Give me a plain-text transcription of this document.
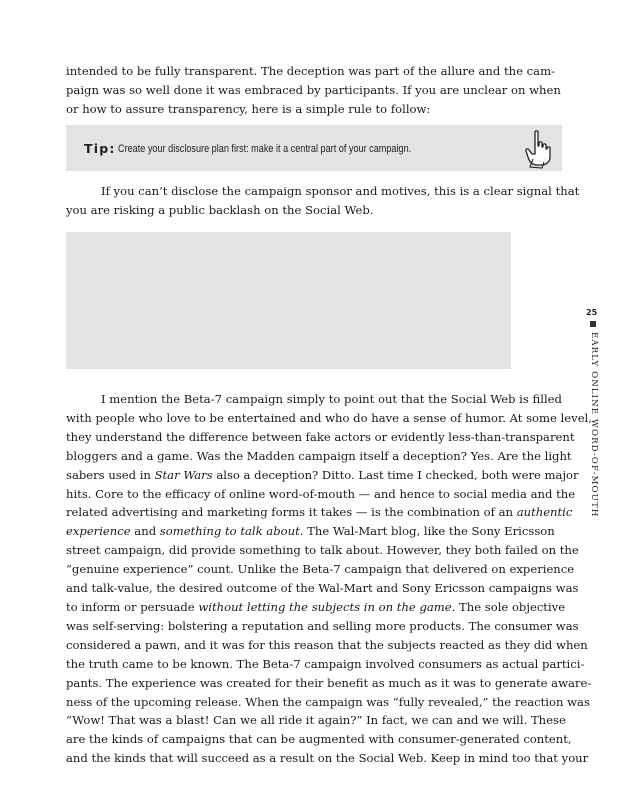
intended to be fully transparent. The deception was part of the allure and the cam-
paign was so well done it was embraced by participants. If you are unclear on when
or how to assure transparency, here is a simple rule to follow:
Tip: Create your disclosure plan first: make it a central part of your campaign.
If you can’t disclose the campaign sponsor and motives, this is a clear signal that
you are risking a public backlash on the Social Web.
25
EARLY ONLINE WORD-OF-MOUTH
I mention the Beta-7 campaign simply to point out that the Social Web is filled
with people who love to be entertained and who do have a sense of humor. At some level,
they understand the difference between fake actors or evidently less-than-transparent
bloggers and a game. Was the Madden campaign itself a deception? Yes. Are the light
sabers used in Star Wars also a deception? Ditto. Last time I checked, both were major
hits. Core to the efficacy of online word-of-mouth — and hence to social media and the
related advertising and marketing forms it takes — is the combination of an authentic
experience and something to talk about. The Wal-Mart blog, like the Sony Ericsson
street campaign, did provide something to talk about. However, they both failed on the
“genuine experience” count. Unlike the Beta-7 campaign that delivered on experience
and talk-value, the desired outcome of the Wal-Mart and Sony Ericsson campaigns was
to inform or persuade without letting the subjects in on the game. The sole objective
was self-serving: bolstering a reputation and selling more products. The consumer was
considered a pawn, and it was for this reason that the subjects reacted as they did when
the truth came to be known. The Beta-7 campaign involved consumers as actual partici-
pants. The experience was created for their benefit as much as it was to generate aware-
ness of the upcoming release. When the campaign was “fully revealed,” the reaction was
“Wow! That was a blast! Can we all ride it again?” In fact, we can and we will. These
are the kinds of campaigns that can be augmented with consumer-generated content,
and the kinds that will succeed as a result on the Social Web. Keep in mind too that your
